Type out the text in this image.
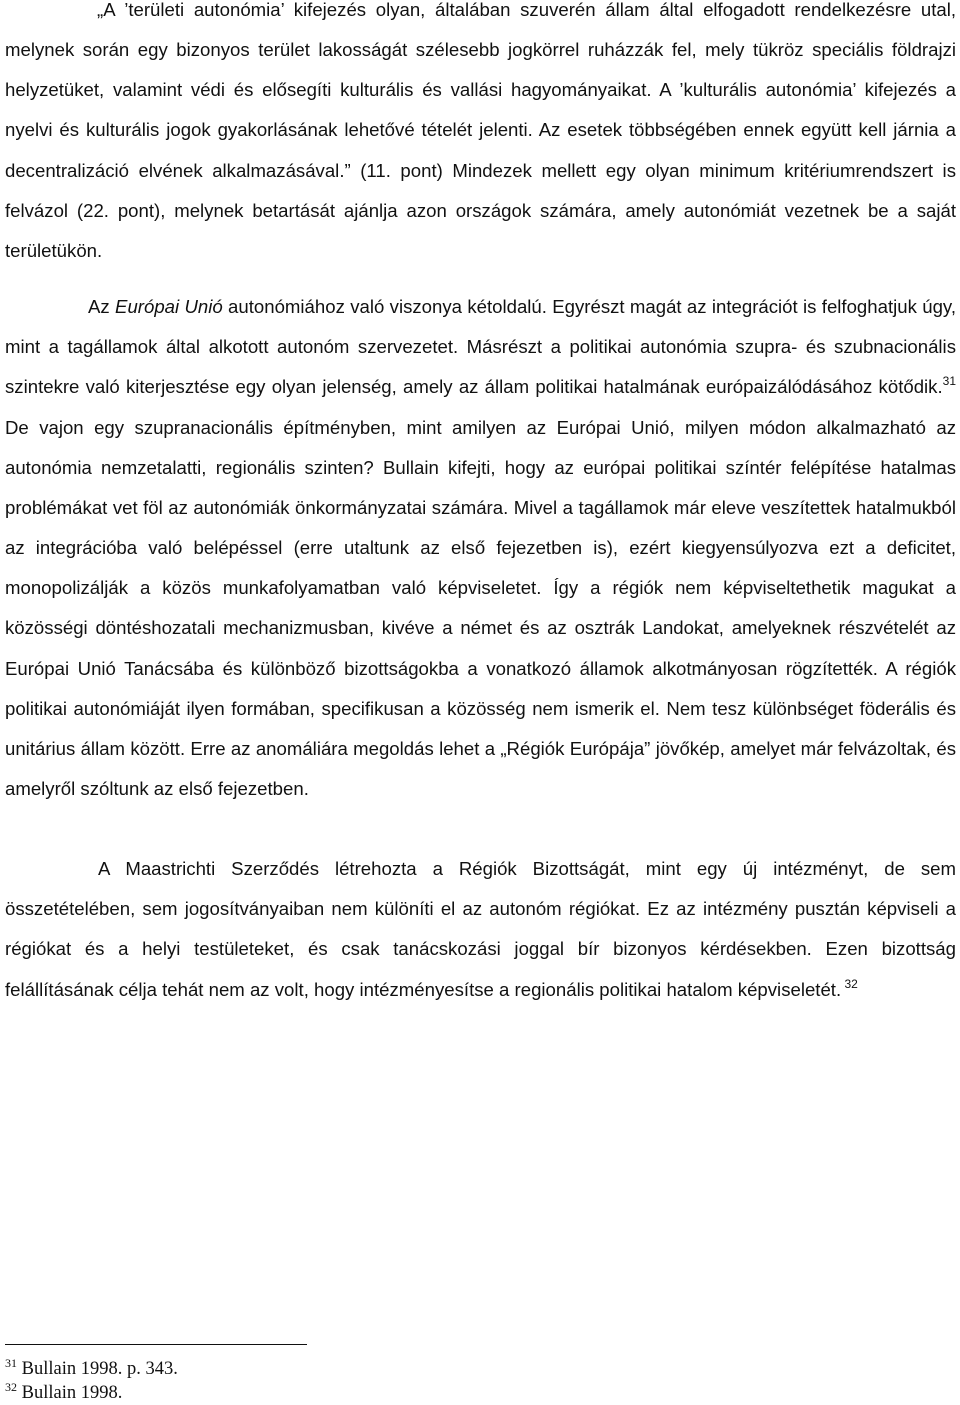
„A ’területi autonómia’ kifejezés olyan, általában szuverén állam által elfogadott rendelkezésre utal, melynek során egy bizonyos terület lakosságát szélesebb jogkörrel ruházzák fel, mely tükröz speciális földrajzi helyzetüket, valamint védi és elősegíti kulturális és vallási hagyományaikat. A ’kulturális autonómia’ kifejezés a nyelvi és kulturális jogok gyakorlásának lehetővé tételét jelenti. Az esetek többségében ennek együtt kell járnia a decentralizáció elvének alkalmazásával.” (11. pont) Mindezek mellett egy olyan minimum kritériumrendszert is felvázol (22. pont), melynek betartását ajánlja azon országok számára, amely autonómiát vezetnek be a saját területükön.

Az Európai Unió autonómiához való viszonya kétoldalú. Egyrészt magát az integrációt is felfoghatjuk úgy, mint a tagállamok által alkotott autonóm szervezetet. Másrészt a politikai autonómia szupra- és szubnacionális szintekre való kiterjesztése egy olyan jelenség, amely az állam politikai hatalmának európaizálódásához kötődik.$^{31}$ De vajon egy szupranacionális építményben, mint amilyen az Európai Unió, milyen módon alkalmazható az autonómia nemzetalatti, regionális szinten? Bullain kifejti, hogy az európai politikai színtér felépítése hatalmas problémákat vet föl az autonómiák önkormányzatai számára. Mivel a tagállamok már eleve veszítettek hatalmukból az integrációba való belépéssel (erre utaltunk az első fejezetben is), ezért kiegyensúlyozva ezt a deficitet, monopolizálják a közös munkafolyamatban való képviseletet. Így a régiók nem képviseltethetik magukat a közösségi döntéshozatali mechanizmusban, kivéve a német és az osztrák Landokat, amelyeknek részvételét az Európai Unió Tanácsába és különböző bizottságokba a vonatkozó államok alkotmányosan rögzítették. A régiók politikai autonómiáját ilyen formában, specifikusan a közösség nem ismerik el. Nem tesz különbséget föderális és unitárius állam között. Erre az anomáliára megoldás lehet a „Régiók Európája” jövőkép, amelyet már felvázoltak, és amelyről szóltunk az első fejezetben.

A Maastrichti Szerződés létrehozta a Régiók Bizottságát, mint egy új intézményt, de sem összetételében, sem jogosítványaiban nem különíti el az autonóm régiókat. Ez az intézmény pusztán képviseli a régiókat és a helyi testületeket, és csak tanácskozási joggal bír bizonyos kérdésekben. Ezen bizottság felállításának célja tehát nem az volt, hogy intézményesítse a regionális politikai hatalom képviseletét. $^{32}$

$^{31}$ Bullain 1998. p. 343.
$^{32}$ Bullain 1998.
